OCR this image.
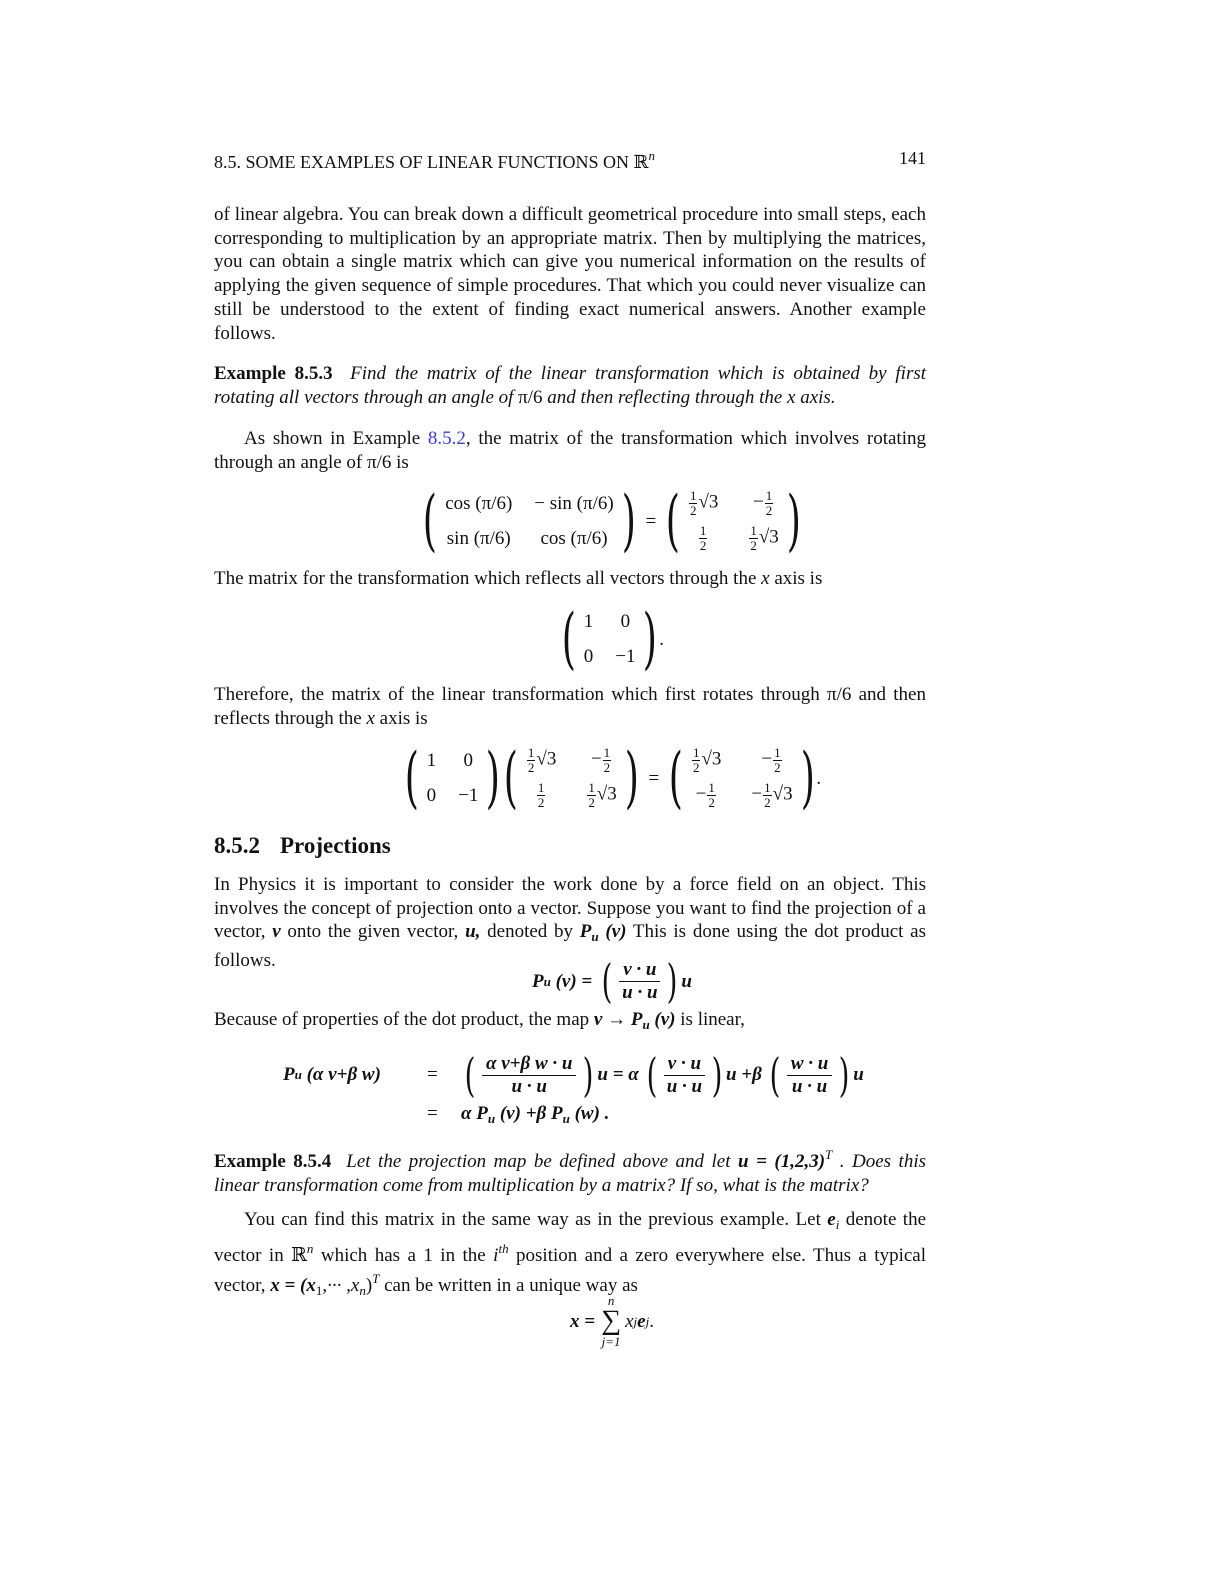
8.5. SOME EXAMPLES OF LINEAR FUNCTIONS ON ℝ$^n$	141
of linear algebra. You can break down a difficult geometrical procedure into small steps, each corresponding to multiplication by an appropriate matrix. Then by multiplying the matrices, you can obtain a single matrix which can give you numerical information on the results of applying the given sequence of simple procedures. That which you could never visualize can still be understood to the extent of finding exact numerical answers. Another example follows.
Example 8.5.3 Find the matrix of the linear transformation which is obtained by first rotating all vectors through an angle of π/6 and then reflecting through the x axis.
As shown in Example 8.5.2, the matrix of the transformation which involves rotating through an angle of π/6 is
( cos (π/6) − sin (π/6)
sin (π/6) cos (π/6) ) = ( $\frac{1}{2} √3 - \frac{1}{2}$
$\frac{1}{2}$	$\frac{1}{2} √3$ )
The matrix for the transformation which reflects all vectors through the x axis is
( 1 0
0 −1 ) .
Therefore, the matrix of the linear transformation which first rotates through π/6 and then reflects through the x axis is
( 1 0
0 −1 ) ( $\frac{1}{2} √3 - \frac{1}{2}$
$\frac{1}{2}$	$\frac{1}{2} √3$ ) = ( $\frac{1}{2} √3 - \frac{1}{2}$
− $\frac{1}{2} - \frac{1}{2} √3$ ) .
8.5.2 Projections
In Physics it is important to consider the work done by a force field on an object. This involves the concept of projection onto a vector. Suppose you want to find the projection of a vector, v onto the given vector, u, denoted by $P_u$ (v) This is done using the dot product as follows.
P u (v) = ( $\frac{v \cdot u}{u \cdot u}$ ) u
Because of properties of the dot product, the map $v \to P_u$ (v) is linear,
P u (α v+β w) = ( $\frac{\text{α v+β w · u}}{u \cdot u}$ ) u = α ( $\frac{v \cdot u}{u \cdot u}$ ) u +β ( $\frac{w \cdot u}{u \cdot u}$ ) u
= α $P_u$ (v) +β $P_u$ (w) .
Example 8.5.4 Let the projection map be defined above and let $u = (1,2,3)^T$ . Does this linear transformation come from multiplication by a matrix? If so, what is the matrix?
You can find this matrix in the same way as in the previous example. Let $e_i$ denote the vector in ℝ$^n$ which has a 1 in the $i^{th}$ position and a zero everywhere else. Thus a typical vector, $x = (x_1,\cdot\cdot\cdot ,x_n)^T$ can be written in a unique way as
x =
n
∑
j=1
x j e j .
